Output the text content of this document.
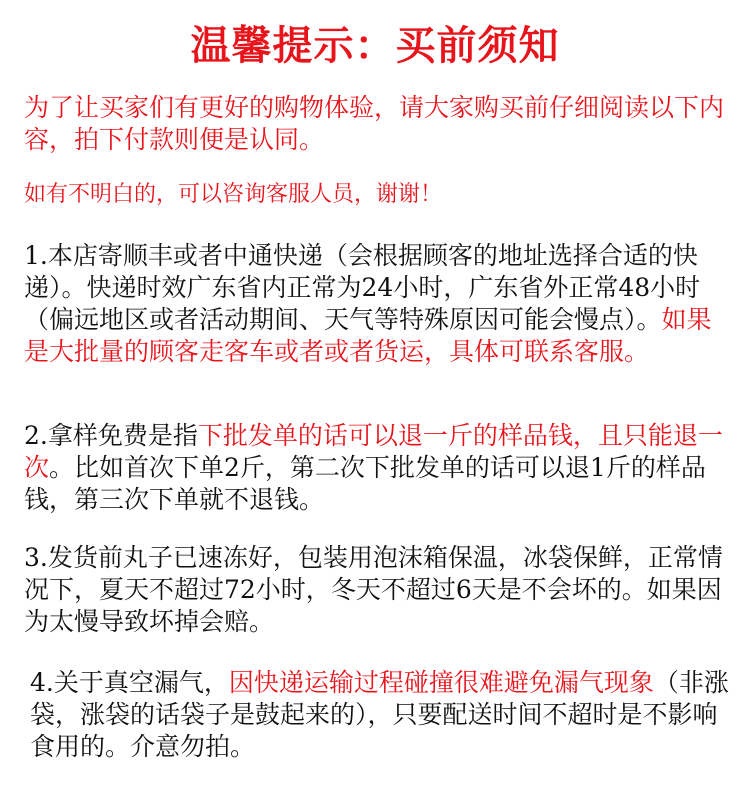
温馨提示：买前须知

为了让买家们有更好的购物体验，请大家购买前仔细阅读以下内容，拍下付款则便是认同。

如有不明白的，可以咨询客服人员，谢谢！

1.本店寄顺丰或者中通快递（会根据顾客的地址选择合适的快递）。快递时效广东省内正常为24小时，广东省外正常48小时（偏远地区或者活动期间、天气等特殊原因可能会慢点）。如果是大批量的顾客走客车或者或者货运，具体可联系客服。

2.拿样免费是指下批发单的话可以退一斤的样品钱，且只能退一次。比如首次下单2斤，第二次下批发单的话可以退1斤的样品钱，第三次下单就不退钱。

3.发货前丸子已速冻好，包装用泡沫箱保温，冰袋保鲜，正常情况下，夏天不超过72小时，冬天不超过6天是不会坏的。如果因为太慢导致坏掉会赔。

4.关于真空漏气，因快递运输过程碰撞很难避免漏气现象（非涨袋，涨袋的话袋子是鼓起来的），只要配送时间不超时是不影响食用的。介意勿拍。
